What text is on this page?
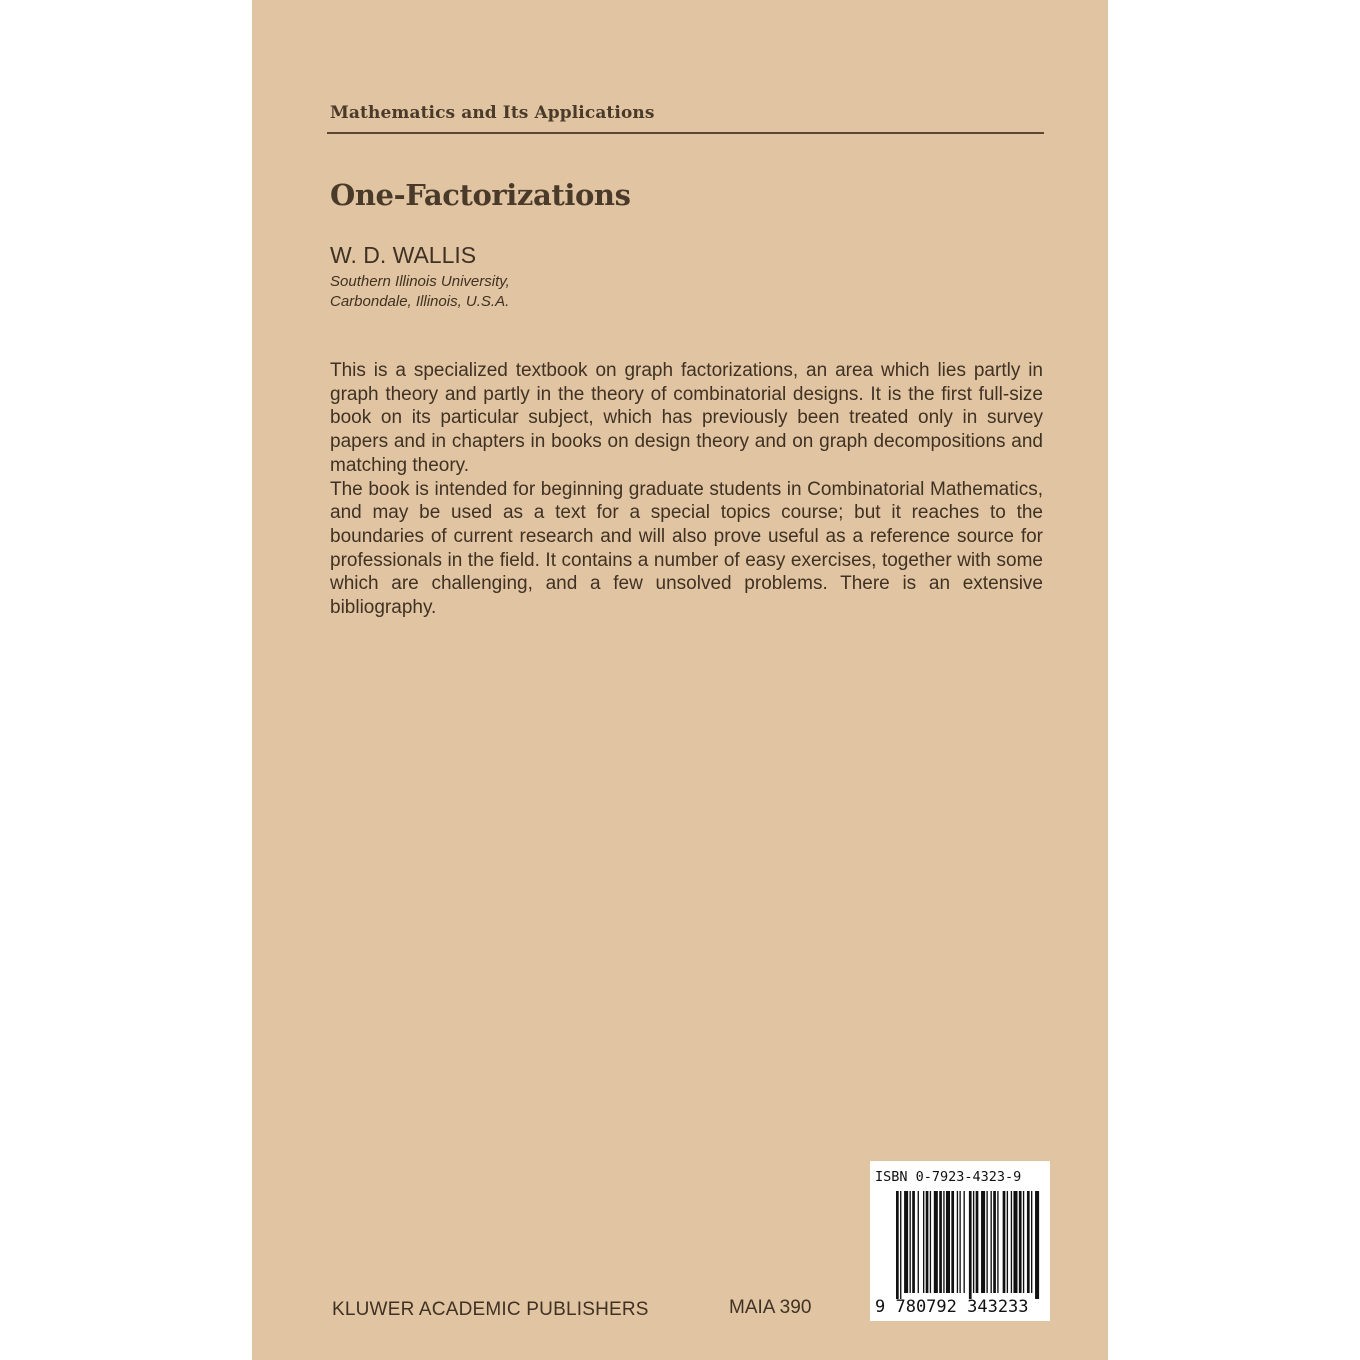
Mathematics and Its Applications
One-Factorizations
W. D. WALLIS
Southern Illinois University,
Carbondale, Illinois, U.S.A.

This is a specialized textbook on graph factorizations, an area which lies partly in graph theory and partly in the theory of combinatorial designs. It is the first full-size book on its particular subject, which has previously been treated only in survey papers and in chapters in books on design theory and on graph decompositions and matching theory.

The book is intended for beginning graduate students in Combinatorial Mathematics, and may be used as a text for a special topics course; but it reaches to the boundaries of current research and will also prove useful as a reference source for professionals in the field. It contains a number of easy exercises, together with some which are challenging, and a few unsolved problems. There is an extensive bibliography.

KLUWER ACADEMIC PUBLISHERS	MAIA 390
ISBN 0-7923-4323-9
9 780792 343233
